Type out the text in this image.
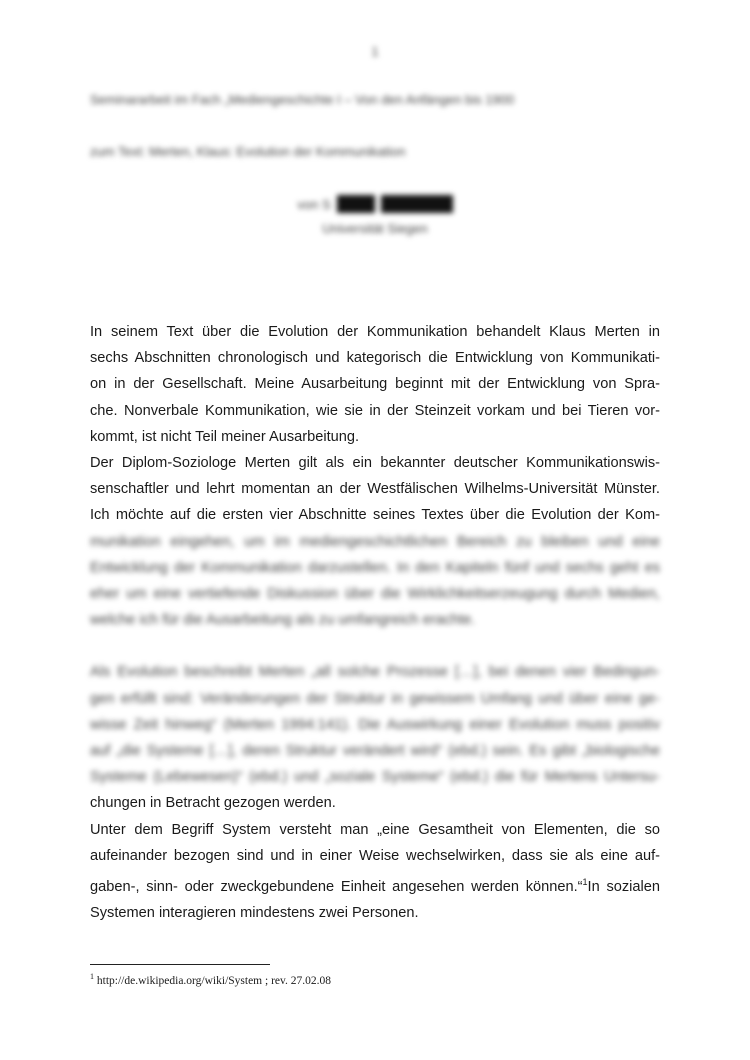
1
Seminararbeit im Fach „Mediengeschichte I – Von den Anfängen bis 1900
zum Text: Merten, Klaus: Evolution der Kommunikation
von S
Universität Siegen
In seinem Text über die Evolution der Kommunikation behandelt Klaus Merten in
sechs Abschnitten chronologisch und kategorisch die Entwicklung von Kommunikati-
on in der Gesellschaft. Meine Ausarbeitung beginnt mit der Entwicklung von Spra-
che. Nonverbale Kommunikation, wie sie in der Steinzeit vorkam und bei Tieren vor-
kommt, ist nicht Teil meiner Ausarbeitung.
Der Diplom-Soziologe Merten gilt als ein bekannter deutscher Kommunikationswis-
senschaftler und lehrt momentan an der Westfälischen Wilhelms-Universität Münster.
Ich möchte auf die ersten vier Abschnitte seines Textes über die Evolution der Kom-
munikation eingehen, um im mediengeschichtlichen Bereich zu bleiben und eine
Entwicklung der Kommunikation darzustellen. In den Kapiteln fünf und sechs geht es
eher um eine vertiefende Diskussion über die Wirklichkeitserzeugung durch Medien,
welche ich für die Ausarbeitung als zu umfangreich erachte.
Als Evolution beschreibt Merten „all solche Prozesse […], bei denen vier Bedingun-
gen erfüllt sind: Veränderungen der Struktur in gewissem Umfang und über eine ge-
wisse Zeit hinweg“ (Merten 1994:141). Die Auswirkung einer Evolution muss positiv
auf „die Systeme […], deren Struktur verändert wird“ (ebd.) sein. Es gibt „biologische
Systeme (Lebewesen)“ (ebd.) und „soziale Systeme“ (ebd.) die für Mertens Untersu-
chungen in Betracht gezogen werden.
Unter dem Begriff System versteht man „eine Gesamtheit von Elementen, die so
aufeinander bezogen sind und in einer Weise wechselwirken, dass sie als eine auf-
gaben-, sinn- oder zweckgebundene Einheit angesehen werden können.“$^1$In sozialen
Systemen interagieren mindestens zwei Personen.
$^1$ http://de.wikipedia.org/wiki/System ; rev. 27.02.08
